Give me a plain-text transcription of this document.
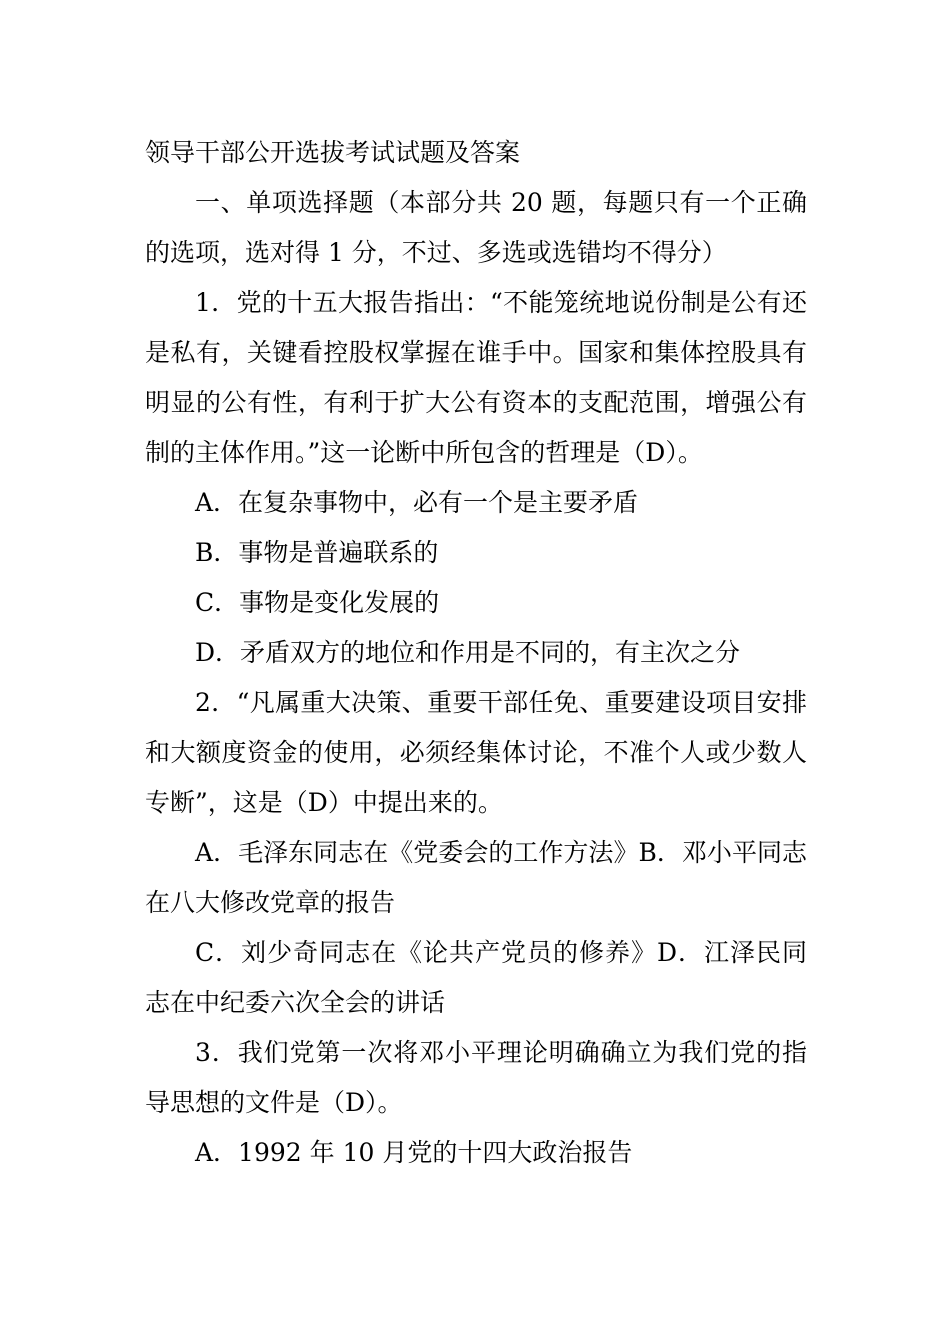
领导干部公开选拔考试试题及答案

一、单项选择题（本部分共 20 题，每题只有一个正确的选项，选对得 1 分，不过、多选或选错均不得分）

1．党的十五大报告指出：“不能笼统地说份制是公有还是私有，关键看控股权掌握在谁手中。国家和集体控股具有明显的公有性，有利于扩大公有资本的支配范围，增强公有制的主体作用。”这一论断中所包含的哲理是（D）。

A．在复杂事物中，必有一个是主要矛盾

B．事物是普遍联系的

C．事物是变化发展的

D．矛盾双方的地位和作用是不同的，有主次之分

2．“凡属重大决策、重要干部任免、重要建设项目安排和大额度资金的使用，必须经集体讨论，不准个人或少数人专断”，这是（D）中提出来的。

A．毛泽东同志在《党委会的工作方法》B．邓小平同志在八大修改党章的报告

C．刘少奇同志在《论共产党员的修养》D．江泽民同志在中纪委六次全会的讲话

3．我们党第一次将邓小平理论明确确立为我们党的指导思想的文件是（D）。

A．1992 年 10 月党的十四大政治报告
